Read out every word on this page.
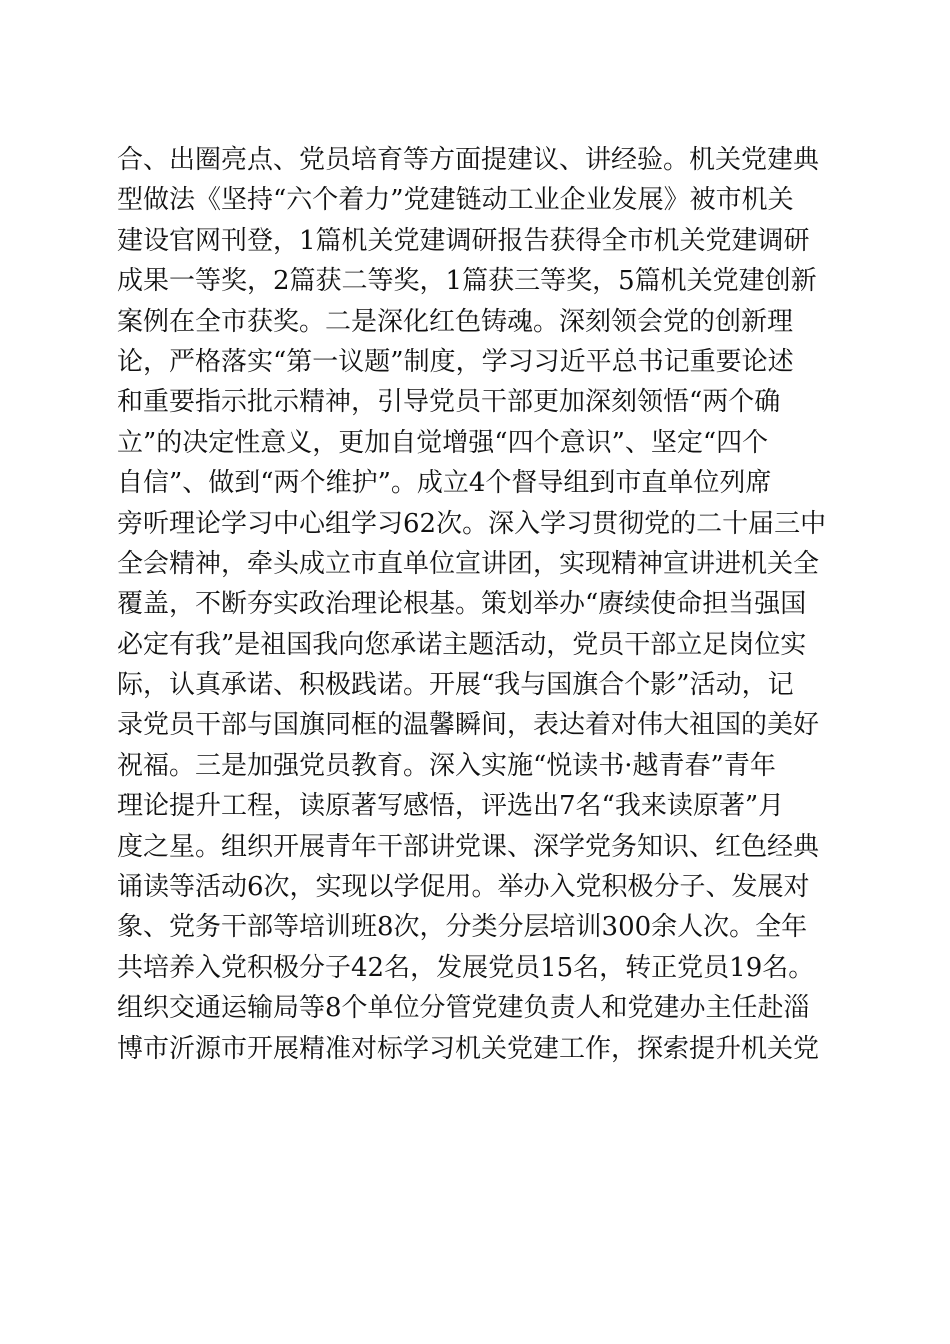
合、出圈亮点、党员培育等方面提建议、讲经验。机关党建典
型做法《坚持“六个着力”党建链动工业企业发展》被市机关
建设官网刊登，1篇机关党建调研报告获得全市机关党建调研
成果一等奖，2篇获二等奖，1篇获三等奖，5篇机关党建创新
案例在全市获奖。二是深化红色铸魂。深刻领会党的创新理
论，严格落实“第一议题”制度，学习习近平总书记重要论述
和重要指示批示精神，引导党员干部更加深刻领悟“两个确
立”的决定性意义，更加自觉增强“四个意识”、坚定“四个
自信”、做到“两个维护”。成立4个督导组到市直单位列席
旁听理论学习中心组学习62次。深入学习贯彻党的二十届三中
全会精神，牵头成立市直单位宣讲团，实现精神宣讲进机关全
覆盖，不断夯实政治理论根基。策划举办“赓续使命担当强国
必定有我”是祖国我向您承诺主题活动，党员干部立足岗位实
际，认真承诺、积极践诺。开展“我与国旗合个影”活动，记
录党员干部与国旗同框的温馨瞬间，表达着对伟大祖国的美好
祝福。三是加强党员教育。深入实施“悦读书·越青春”青年
理论提升工程，读原著写感悟，评选出7名“我来读原著”月
度之星。组织开展青年干部讲党课、深学党务知识、红色经典
诵读等活动6次，实现以学促用。举办入党积极分子、发展对
象、党务干部等培训班8次，分类分层培训300余人次。全年
共培养入党积极分子42名，发展党员15名，转正党员19名。
组织交通运输局等8个单位分管党建负责人和党建办主任赴淄
博市沂源市开展精准对标学习机关党建工作，探索提升机关党
